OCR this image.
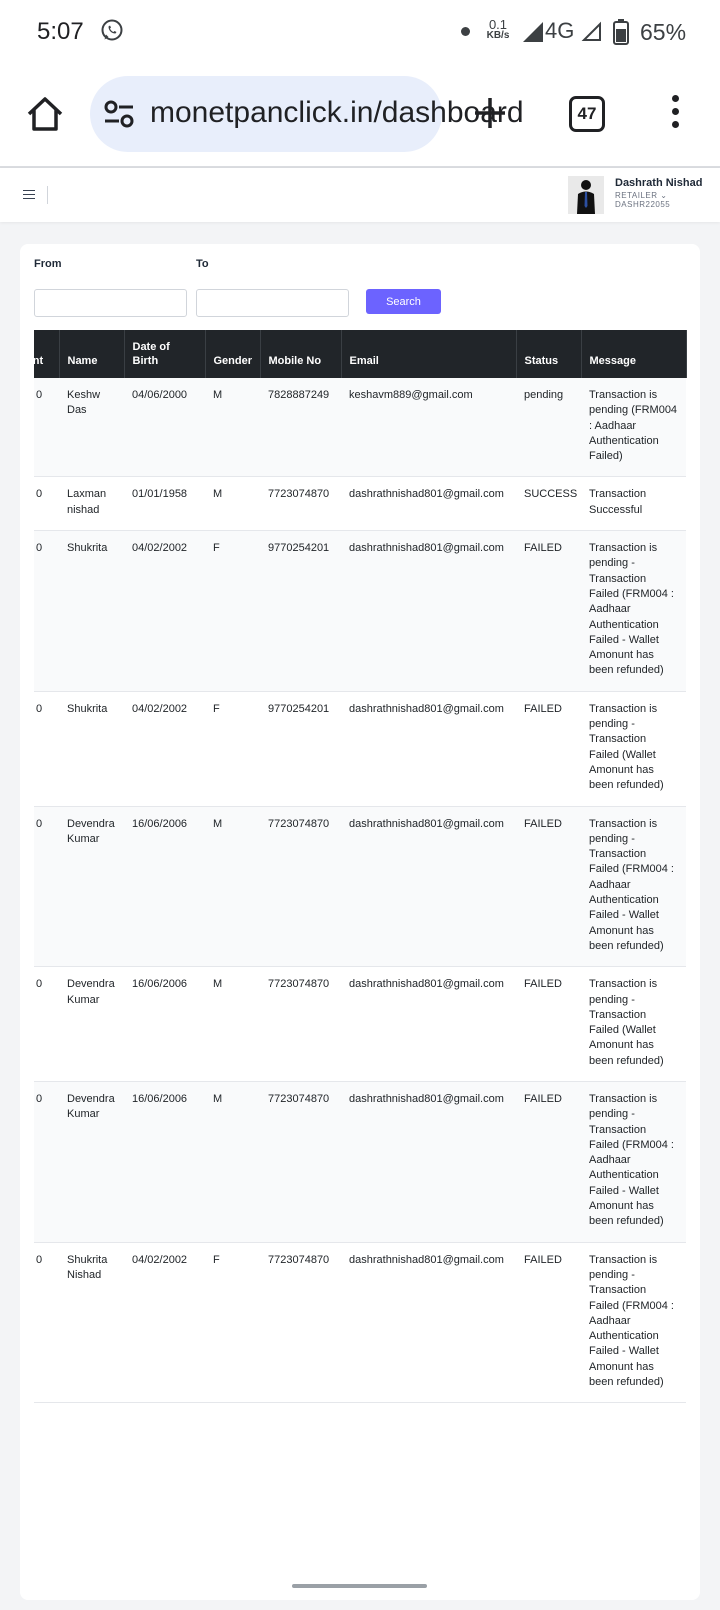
5:07	0.1
KB/s 4G	65%
monetpanclick.in/dashboard	47
Dashrath Nishad
RETAILER ⌄
DASHR22055
From	To
Search
unt	Name	Date of Birth	Gender	Mobile No	Email	Status	Message
0	Keshw Das	04/06/2000	M	7828887249	keshavm889@gmail.com	pending	Transaction is pending (FRM004 : Aadhaar Authentication Failed)
0	Laxman nishad	01/01/1958	M	7723074870	dashrathnishad801@gmail.com	SUCCESS	Transaction Successful
0	Shukrita	04/02/2002	F	9770254201	dashrathnishad801@gmail.com	FAILED	Transaction is pending - Transaction Failed (FRM004 : Aadhaar Authentication Failed - Wallet Amonunt has been refunded)
0	Shukrita	04/02/2002	F	9770254201	dashrathnishad801@gmail.com	FAILED	Transaction is pending - Transaction Failed (Wallet Amonunt has been refunded)
0	Devendra Kumar	16/06/2006	M	7723074870	dashrathnishad801@gmail.com	FAILED	Transaction is pending - Transaction Failed (FRM004 : Aadhaar Authentication Failed - Wallet Amonunt has been refunded)
0	Devendra Kumar	16/06/2006	M	7723074870	dashrathnishad801@gmail.com	FAILED	Transaction is pending - Transaction Failed (Wallet Amonunt has been refunded)
0	Devendra Kumar	16/06/2006	M	7723074870	dashrathnishad801@gmail.com	FAILED	Transaction is pending - Transaction Failed (FRM004 : Aadhaar Authentication Failed - Wallet Amonunt has been refunded)
0	Shukrita Nishad	04/02/2002	F	7723074870	dashrathnishad801@gmail.com	FAILED	Transaction is pending - Transaction Failed (FRM004 : Aadhaar Authentication Failed - Wallet Amonunt has been refunded)
